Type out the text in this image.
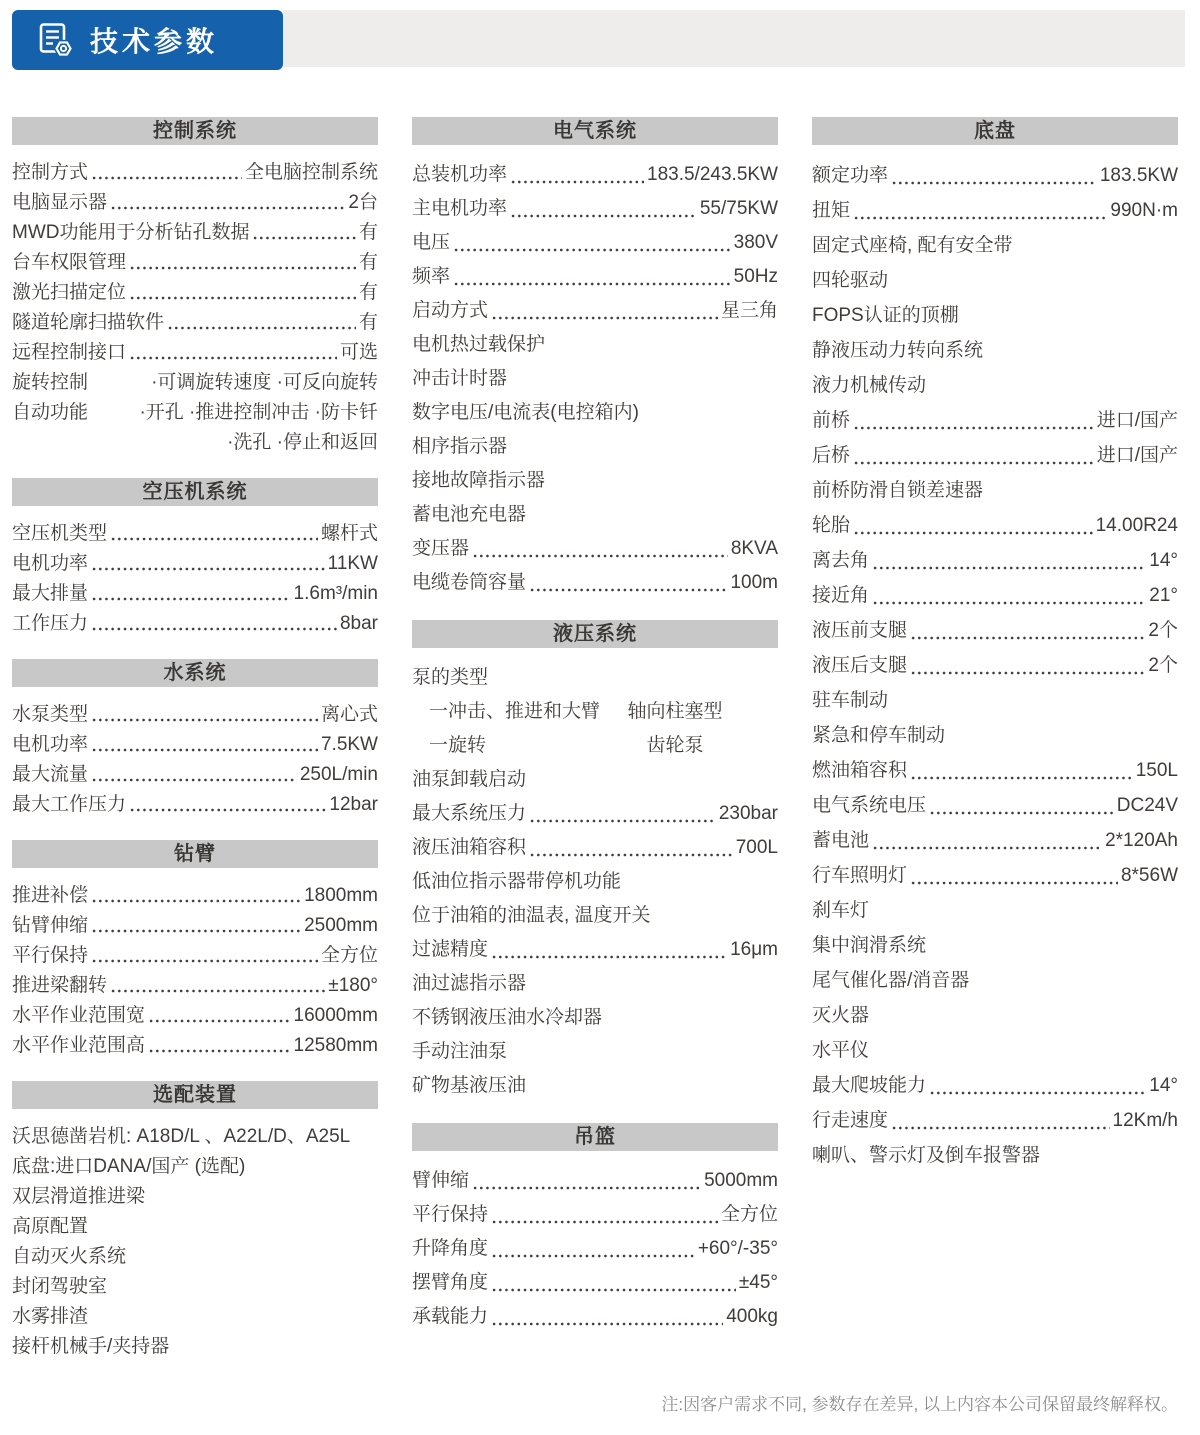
技术参数
控制系统
控制方式	全电脑控制系统
电脑显示器	2台
MWD功能用于分析钻孔数据	有
台车权限管理	有
激光扫描定位	有
隧道轮廓扫描软件	有
远程控制接口	可选
旋转控制	·可调旋转速度 ·可反向旋转
自动功能	·开孔 ·推进控制冲击 ·防卡钎
·洗孔 ·停止和返回
空压机系统
空压机类型	螺杆式
电机功率	11KW
最大排量	1.6m³/min
工作压力	8bar
水系统
水泵类型	离心式
电机功率	7.5KW
最大流量	250L/min
最大工作压力	12bar
钻臂
推进补偿	1800mm
钻臂伸缩	2500mm
平行保持	全方位
推进梁翻转	±180°
水平作业范围宽	16000mm
水平作业范围高	12580mm
选配装置
沃思德凿岩机: A18D/L 、A22L/D、A25L
底盘:进口DANA/国产 (选配)
双层滑道推进梁
高原配置
自动灭火系统
封闭驾驶室
水雾排渣
接杆机械手/夹持器
电气系统
总装机功率	183.5/243.5KW
主电机功率	55/75KW
电压	380V
频率	50Hz
启动方式	星三角
电机热过载保护
冲击计时器
数字电压/电流表(电控箱内)
相序指示器
接地故障指示器
蓄电池充电器
变压器	8KVA
电缆卷筒容量	100m
液压系统
泵的类型
一冲击、推进和大臂	轴向柱塞型
一旋转	齿轮泵
油泵卸载启动
最大系统压力	230bar
液压油箱容积	700L
低油位指示器带停机功能
位于油箱的油温表, 温度开关
过滤精度	16μm
油过滤指示器
不锈钢液压油水冷却器
手动注油泵
矿物基液压油
吊篮
臂伸缩	5000mm
平行保持	全方位
升降角度	+60°/-35°
摆臂角度	±45°
承载能力	400kg
底盘
额定功率	183.5KW
扭矩	990N·m
固定式座椅, 配有安全带
四轮驱动
FOPS认证的顶棚
静液压动力转向系统
液力机械传动
前桥	进口/国产
后桥	进口/国产
前桥防滑自锁差速器
轮胎	14.00R24
离去角	14°
接近角	21°
液压前支腿	2个
液压后支腿	2个
驻车制动
紧急和停车制动
燃油箱容积	150L
电气系统电压	DC24V
蓄电池	2*120Ah
行车照明灯	8*56W
刹车灯
集中润滑系统
尾气催化器/消音器
灭火器
水平仪
最大爬坡能力	14°
行走速度	12Km/h
喇叭、警示灯及倒车报警器
注:因客户需求不同, 参数存在差异, 以上内容本公司保留最终解释权。
